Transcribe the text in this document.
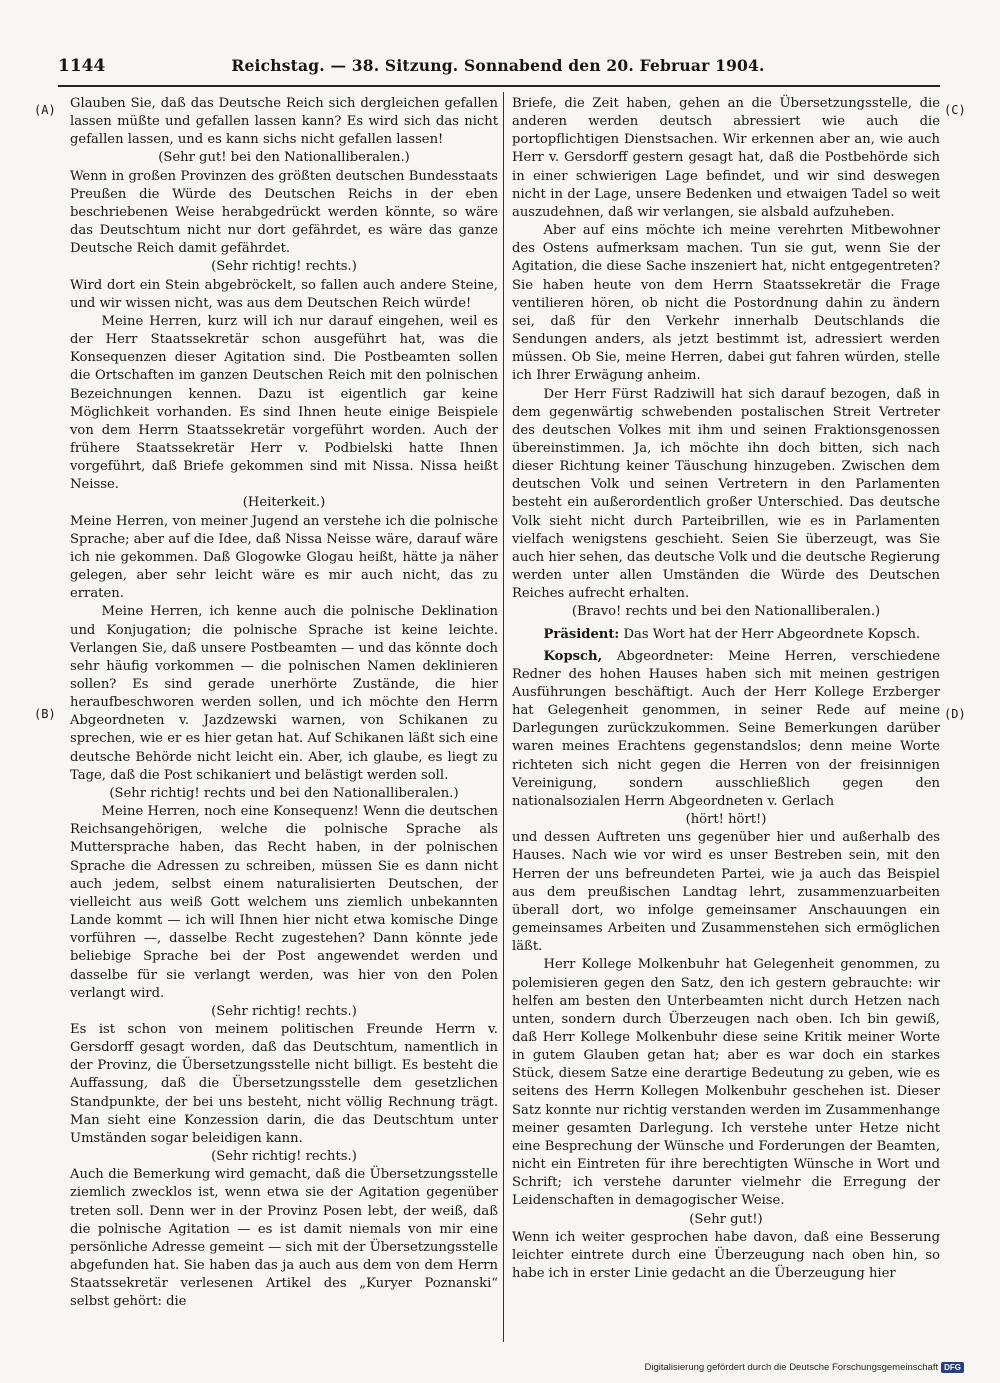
1144	Reichstag. — 38. Sitzung. Sonnabend den 20. Februar 1904.
(A)
(B)
(C)
(D)

Glauben Sie, daß das Deutsche Reich sich dergleichen gefallen lassen müßte und gefallen lassen kann? Es wird sich das nicht gefallen lassen, und es kann sichs nicht gefallen lassen!

(Sehr gut! bei den Nationalliberalen.)

Wenn in großen Provinzen des größten deutschen Bundesstaats Preußen die Würde des Deutschen Reichs in der eben beschriebenen Weise herabgedrückt werden könnte, so wäre das Deutschtum nicht nur dort gefährdet, es wäre das ganze Deutsche Reich damit gefährdet.

(Sehr richtig! rechts.)

Wird dort ein Stein abgebröckelt, so fallen auch andere Steine, und wir wissen nicht, was aus dem Deutschen Reich würde!

Meine Herren, kurz will ich nur darauf eingehen, weil es der Herr Staatssekretär schon ausgeführt hat, was die Konsequenzen dieser Agitation sind. Die Postbeamten sollen die Ortschaften im ganzen Deutschen Reich mit den polnischen Bezeichnungen kennen. Dazu ist eigentlich gar keine Möglichkeit vorhanden. Es sind Ihnen heute einige Beispiele von dem Herrn Staatssekretär vorgeführt worden. Auch der frühere Staatssekretär Herr v. Podbielski hatte Ihnen vorgeführt, daß Briefe gekommen sind mit Nissa. Nissa heißt Neisse.

(Heiterkeit.)

Meine Herren, von meiner Jugend an verstehe ich die polnische Sprache; aber auf die Idee, daß Nissa Neisse wäre, darauf wäre ich nie gekommen. Daß Glogowke Glogau heißt, hätte ja näher gelegen, aber sehr leicht wäre es mir auch nicht, das zu erraten.

Meine Herren, ich kenne auch die polnische Deklination und Konjugation; die polnische Sprache ist keine leichte. Verlangen Sie, daß unsere Postbeamten — und das könnte doch sehr häufig vorkommen — die polnischen Namen deklinieren sollen? Es sind gerade unerhörte Zustände, die hier heraufbeschworen werden sollen, und ich möchte den Herrn Abgeordneten v. Jazdzewski warnen, von Schikanen zu sprechen, wie er es hier getan hat. Auf Schikanen läßt sich eine deutsche Behörde nicht leicht ein. Aber, ich glaube, es liegt zu Tage, daß die Post schikaniert und belästigt werden soll.

(Sehr richtig! rechts und bei den Nationalliberalen.)

Meine Herren, noch eine Konsequenz! Wenn die deutschen Reichsangehörigen, welche die polnische Sprache als Muttersprache haben, das Recht haben, in der polnischen Sprache die Adressen zu schreiben, müssen Sie es dann nicht auch jedem, selbst einem naturalisierten Deutschen, der vielleicht aus weiß Gott welchem uns ziemlich unbekannten Lande kommt — ich will Ihnen hier nicht etwa komische Dinge vorführen —, dasselbe Recht zugestehen? Dann könnte jede beliebige Sprache bei der Post angewendet werden und dasselbe für sie verlangt werden, was hier von den Polen verlangt wird.

(Sehr richtig! rechts.)

Es ist schon von meinem politischen Freunde Herrn v. Gersdorff gesagt worden, daß das Deutschtum, namentlich in der Provinz, die Übersetzungsstelle nicht billigt. Es besteht die Auffassung, daß die Übersetzungsstelle dem gesetzlichen Standpunkte, der bei uns besteht, nicht völlig Rechnung trägt. Man sieht eine Konzession darin, die das Deutschtum unter Umständen sogar beleidigen kann.

(Sehr richtig! rechts.)

Auch die Bemerkung wird gemacht, daß die Übersetzungsstelle ziemlich zwecklos ist, wenn etwa sie der Agitation gegenüber treten soll. Denn wer in der Provinz Posen lebt, der weiß, daß die polnische Agitation — es ist damit niemals von mir eine persönliche Adresse gemeint — sich mit der Übersetzungsstelle abgefunden hat. Sie haben das ja auch aus dem von dem Herrn Staatssekretär verlesenen Artikel des „Kuryer Poznanski“ selbst gehört: die

Briefe, die Zeit haben, gehen an die Übersetzungsstelle, die anderen werden deutsch abressiert wie auch die portopflichtigen Dienstsachen. Wir erkennen aber an, wie auch Herr v. Gersdorff gestern gesagt hat, daß die Postbehörde sich in einer schwierigen Lage befindet, und wir sind deswegen nicht in der Lage, unsere Bedenken und etwaigen Tadel so weit auszudehnen, daß wir verlangen, sie alsbald aufzuheben.

Aber auf eins möchte ich meine verehrten Mitbewohner des Ostens aufmerksam machen. Tun sie gut, wenn Sie der Agitation, die diese Sache inszeniert hat, nicht entgegentreten? Sie haben heute von dem Herrn Staatssekretär die Frage ventilieren hören, ob nicht die Postordnung dahin zu ändern sei, daß für den Verkehr innerhalb Deutschlands die Sendungen anders, als jetzt bestimmt ist, adressiert werden müssen. Ob Sie, meine Herren, dabei gut fahren würden, stelle ich Ihrer Erwägung anheim.

Der Herr Fürst Radziwill hat sich darauf bezogen, daß in dem gegenwärtig schwebenden postalischen Streit Vertreter des deutschen Volkes mit ihm und seinen Fraktionsgenossen übereinstimmen. Ja, ich möchte ihn doch bitten, sich nach dieser Richtung keiner Täuschung hinzugeben. Zwischen dem deutschen Volk und seinen Vertretern in den Parlamenten besteht ein außerordentlich großer Unterschied. Das deutsche Volk sieht nicht durch Parteibrillen, wie es in Parlamenten vielfach wenigstens geschieht. Seien Sie überzeugt, was Sie auch hier sehen, das deutsche Volk und die deutsche Regierung werden unter allen Umständen die Würde des Deutschen Reiches aufrecht erhalten.

(Bravo! rechts und bei den Nationalliberalen.)

Präsident: Das Wort hat der Herr Abgeordnete Kopsch.

Kopsch, Abgeordneter: Meine Herren, verschiedene Redner des hohen Hauses haben sich mit meinen gestrigen Ausführungen beschäftigt. Auch der Herr Kollege Erzberger hat Gelegenheit genommen, in seiner Rede auf meine Darlegungen zurückzukommen. Seine Bemerkungen darüber waren meines Erachtens gegenstandslos; denn meine Worte richteten sich nicht gegen die Herren von der freisinnigen Vereinigung, sondern ausschließlich gegen den nationalsozialen Herrn Abgeordneten v. Gerlach

(hört! hört!)

und dessen Auftreten uns gegenüber hier und außerhalb des Hauses. Nach wie vor wird es unser Bestreben sein, mit den Herren der uns befreundeten Partei, wie ja auch das Beispiel aus dem preußischen Landtag lehrt, zusammenzuarbeiten überall dort, wo infolge gemeinsamer Anschauungen ein gemeinsames Arbeiten und Zusammenstehen sich ermöglichen läßt.

Herr Kollege Molkenbuhr hat Gelegenheit genommen, zu polemisieren gegen den Satz, den ich gestern gebrauchte: wir helfen am besten den Unterbeamten nicht durch Hetzen nach unten, sondern durch Überzeugen nach oben. Ich bin gewiß, daß Herr Kollege Molkenbuhr diese seine Kritik meiner Worte in gutem Glauben getan hat; aber es war doch ein starkes Stück, diesem Satze eine derartige Bedeutung zu geben, wie es seitens des Herrn Kollegen Molkenbuhr geschehen ist. Dieser Satz konnte nur richtig verstanden werden im Zusammenhange meiner gesamten Darlegung. Ich verstehe unter Hetze nicht eine Besprechung der Wünsche und Forderungen der Beamten, nicht ein Eintreten für ihre berechtigten Wünsche in Wort und Schrift; ich verstehe darunter vielmehr die Erregung der Leidenschaften in demagogischer Weise.

(Sehr gut!)

Wenn ich weiter gesprochen habe davon, daß eine Besserung leichter eintrete durch eine Überzeugung nach oben hin, so habe ich in erster Linie gedacht an die Überzeugung hier

Digitalisierung gefördert durch die Deutsche Forschungsgemeinschaft DFG
